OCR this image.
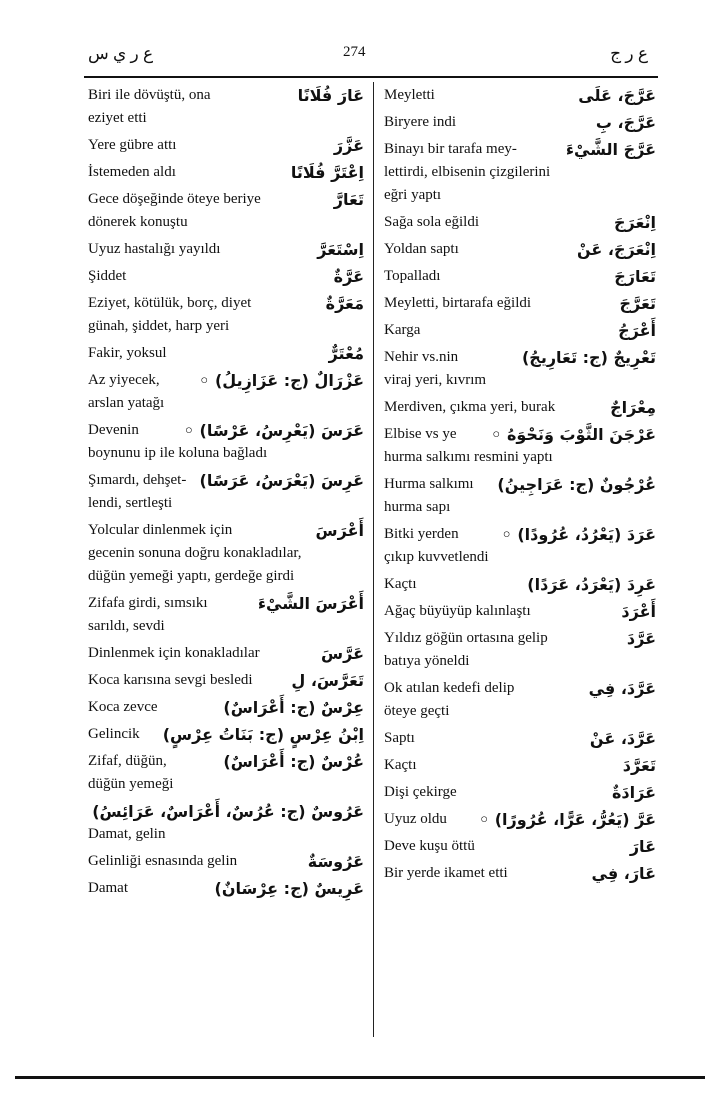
ع ر ي س	274	ع ر ج
عَارَ فُلَانًا
Biri ile dövüştü, ona
eziyet etti
عَزَّرَ
Yere gübre attı
اِعْتَرَّ فُلَانًا
İstemeden aldı
تَعَارَّ
Gece döşeğinde öteye beriye
dönerek konuştu
اِسْتَعَرَّ
Uyuz hastalığı yayıldı
عَرَّةٌ
Şiddet
مَعَرَّةٌ
Eziyet, kötülük, borç, diyet
günah, şiddet, harp yeri
مُعْتَرٌّ
Fakir, yoksul
عَزْرَالٌ (ج: عَزَازِيلُ) ◦
Az yiyecek,
arslan yatağı
عَرَسَ (يَعْرِسُ، عَرْسًا) ◦
Devenin
boynunu ip ile koluna bağladı
عَرِسَ (يَعْرَسُ، عَرَسًا)
Şımardı, dehşet-
lendi, sertleşti
أَعْرَسَ
Yolcular dinlenmek için
gecenin sonuna doğru konakladılar,
düğün yemeği yaptı, gerdeğe girdi
أَعْرَسَ الشَّيْءَ
Zifafa girdi, sımsıkı
sarıldı, sevdi
عَرَّسَ
Dinlenmek için konakladılar
تَعَرَّسَ، لِ
Koca karısına sevgi besledi
عِرْسٌ (ج: أَعْرَاسٌ)
Koca zevce
اِبْنُ عِرْسٍ (ج: بَنَاتُ عِرْسٍ)
Gelincik
عُرْسٌ (ج: أَعْرَاسٌ)
Zifaf, düğün,
düğün yemeği
عَرُوسٌ (ج: عُرُسٌ، أَعْرَاسٌ، عَرَائِسُ)
Damat, gelin
عَرُوسَةٌ
Gelinliği esnasında gelin
عَرِيسٌ (ج: عِرْسَانٌ)
Damat
عَرَّجَ، عَلَى
Meyletti
عَرَّجَ، بِ
Biryere indi
عَرَّجَ الشَّيْءَ
Binayı bir tarafa mey-
lettirdi, elbisenin çizgilerini
eğri yaptı
اِنْعَرَجَ
Sağa sola eğildi
اِنْعَرَجَ، عَنْ
Yoldan saptı
تَعَارَجَ
Topalladı
تَعَرَّجَ
Meyletti, birtarafa eğildi
أَعْرَجُ
Karga
تَعْرِيجٌ (ج: تَعَارِيجُ)
Nehir vs.nin
viraj yeri, kıvrım
مِعْرَاجٌ
Merdiven, çıkma yeri, burak
عَرْجَنَ الثَّوْبَ وَنَحْوَهُ ◦
Elbise vs ye
hurma salkımı resmini yaptı
عُرْجُونٌ (ج: عَرَاجِينُ)
Hurma salkımı
hurma sapı
عَرَدَ (يَعْرُدُ، عُرُودًا) ◦
Bitki yerden
çıkıp kuvvetlendi
عَرِدَ (يَعْرَدُ، عَرَدًا)
Kaçtı
أَعْرَدَ
Ağaç büyüyüp kalınlaştı
عَرَّدَ
Yıldız göğün ortasına gelip
batıya yöneldi
عَرَّدَ، فِي
Ok atılan kedefi delip
öteye geçti
عَرَّدَ، عَنْ
Saptı
تَعَرَّدَ
Kaçtı
عَرَادَةٌ
Dişi çekirge
عَرَّ (يَعُرُّ، عَرًّا، عُرُورًا) ◦
Uyuz oldu
عَارَ
Deve kuşu öttü
عَارَ، فِي
Bir yerde ikamet etti
